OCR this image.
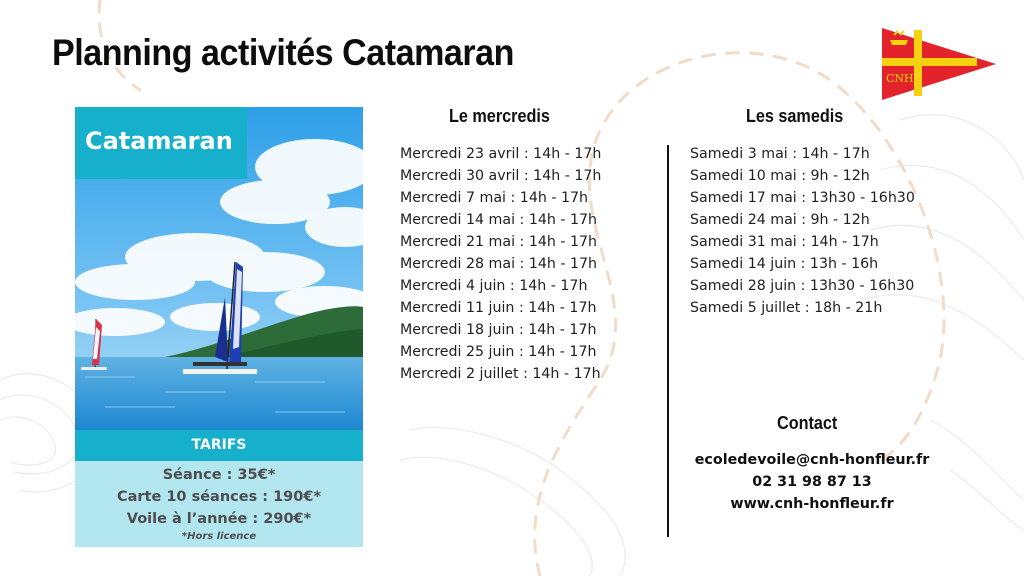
Planning activités Catamaran
CNH
Catamaran
TARIFS
Séance : 35€*
Carte 10 séances : 190€*
Voile à l’année : 290€*
*Hors licence
Le mercredis
Mercredi 23 avril : 14h - 17h
Mercredi 30 avril : 14h - 17h
Mercredi 7 mai : 14h - 17h
Mercredi 14 mai : 14h - 17h
Mercredi 21 mai : 14h - 17h
Mercredi 28 mai : 14h - 17h
Mercredi 4 juin : 14h - 17h
Mercredi 11 juin : 14h - 17h
Mercredi 18 juin : 14h - 17h
Mercredi 25 juin : 14h - 17h
Mercredi 2 juillet : 14h - 17h
Les samedis
Samedi 3 mai : 14h - 17h
Samedi 10 mai : 9h - 12h
Samedi 17 mai : 13h30 - 16h30
Samedi 24 mai : 9h - 12h
Samedi 31 mai : 14h - 17h
Samedi 14 juin : 13h - 16h
Samedi 28 juin : 13h30 - 16h30
Samedi 5 juillet : 18h - 21h
Contact
ecoledevoile@cnh-honfleur.fr
02 31 98 87 13
www.cnh-honfleur.fr
